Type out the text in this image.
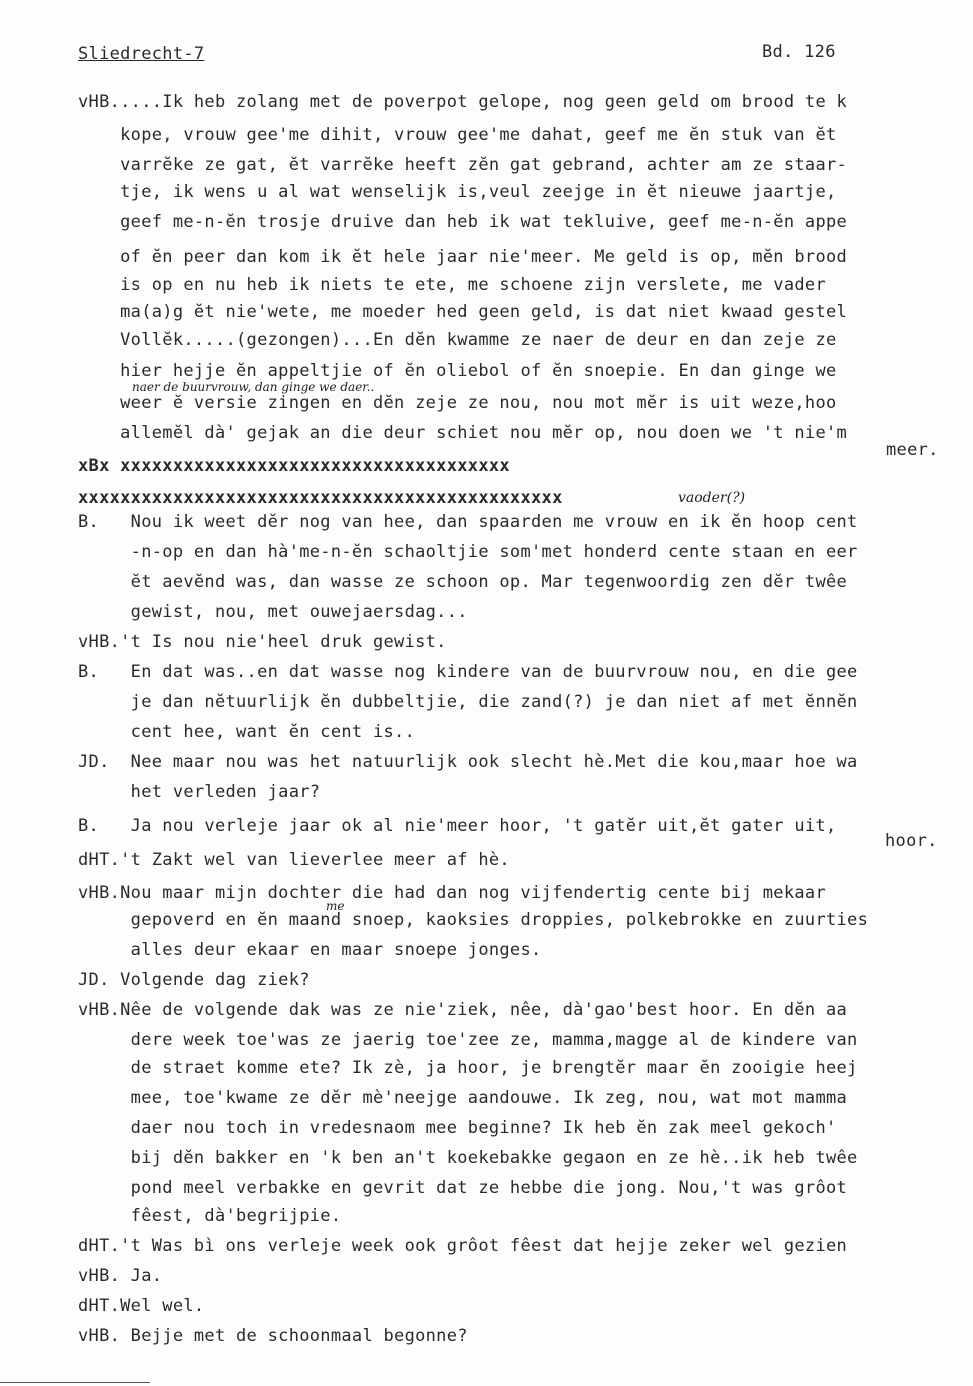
Sliedrecht-7	Bd. 126
vHB.....Ik heb zolang met de poverpot gelope, nog geen geld om brood te k
kope, vrouw gee'me dihit, vrouw gee'me dahat, geef me ĕn stuk van ĕt
varrĕke ze gat, ĕt varrĕke heeft zĕn gat gebrand, achter am ze staar-
tje, ik wens u al wat wenselijk is,veul zeejge in ĕt nieuwe jaartje,
geef me-n-ĕn trosje druive dan heb ik wat tekluive, geef me-n-ĕn appe
of ĕn peer dan kom ik ĕt hele jaar nie'meer. Me geld is op, mĕn brood
is op en nu heb ik niets te ete, me schoene zijn verslete, me vader
ma(a)g ĕt nie'wete, me moeder hed geen geld, is dat niet kwaad gestel
Vollĕk.....(gezongen)...En dĕn kwamme ze naer de deur en dan zeje ze
hier hejje ĕn appeltjie of ĕn oliebol of ĕn snoepie. En dan ginge we
naer de buurvrouw, dan ginge we daer..
weer ĕ versie zingen en dĕn zeje ze nou, nou mot mĕr is uit weze,hoo
allemĕl dà' gejak an die deur schiet nou mĕr op, nou doen we 't nie'm
meer.
xBx xxxxxxxxxxxxxxxxxxxxxxxxxxxxxxxxxxxxx
xxxxxxxxxxxxxxxxxxxxxxxxxxxxxxxxxxxxxxxxxxxxxx	vaoder(?)
B.   Nou ik weet dĕr nog van hee, dan spaarden me vrouw en ik ĕn hoop cent
-n-op en dan hà'me-n-ĕn schaoltjie som'met honderd cente staan en eer
ĕt aevĕnd was, dan wasse ze schoon op. Mar tegenwoordig zen dĕr twêe
gewist, nou, met ouwejaersdag...
vHB.'t Is nou nie'heel druk gewist.
B.   En dat was..en dat wasse nog kindere van de buurvrouw nou, en die gee
je dan nĕtuurlijk ĕn dubbeltjie, die zand(?) je dan niet af met ĕnnĕn
cent hee, want ĕn cent is..
JD.  Nee maar nou was het natuurlijk ook slecht hè.Met die kou,maar hoe wa
het verleden jaar?
B.   Ja nou verleje jaar ok al nie'meer hoor, 't gatĕr uit,ĕt gater uit,
hoor.
dHT.'t Zakt wel van lieverlee meer af hè.
vHB.Nou maar mijn dochter die had dan nog vijfendertig cente bij mekaar
me
gepoverd en ĕn maand snoep, kaoksies droppies, polkebrokke en zuurties
alles deur ekaar en maar snoepe jonges.
JD. Volgende dag ziek?
vHB.Nêe de volgende dak was ze nie'ziek, nêe, dà'gao'best hoor. En dĕn aa
dere week toe'was ze jaerig toe'zee ze, mamma,magge al de kindere van
de straet komme ete? Ik zè, ja hoor, je brengtĕr maar ĕn zooigie heej
mee, toe'kwame ze dĕr mè'neejge aandouwe. Ik zeg, nou, wat mot mamma
daer nou toch in vredesnaom mee beginne? Ik heb ĕn zak meel gekoch'
bij dĕn bakker en 'k ben an't koekebakke gegaon en ze hè..ik heb twêe
pond meel verbakke en gevrit dat ze hebbe die jong. Nou,'t was grôot
fêest, dà'begrijpie.
dHT.'t Was bì ons verleje week ook grôot fêest dat hejje zeker wel gezien
vHB. Ja.
dHT.Wel wel.
vHB. Bejje met de schoonmaal begonne?
